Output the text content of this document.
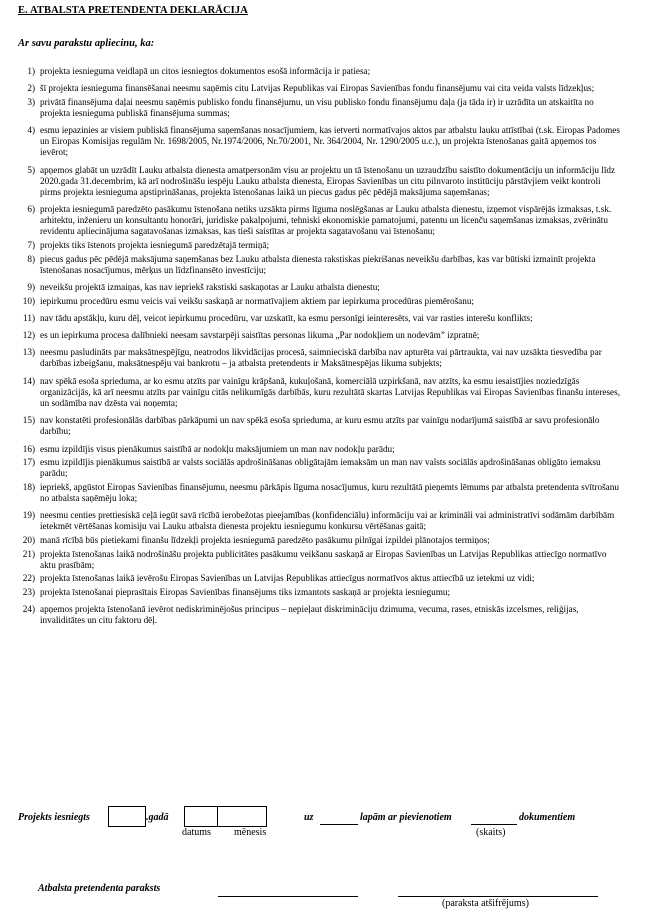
E. ATBALSTA PRETENDENTA DEKLARĀCIJA
Ar savu parakstu apliecinu, ka:
1) projekta iesnieguma veidlapā un citos iesniegtos dokumentos esošā informācija ir patiesa;
2) šī projekta iesnieguma finansēšanai neesmu saņēmis citu Latvijas Republikas vai Eiropas Savienības fondu finansējumu vai cita veida valsts līdzekļus;
3) privātā finansējuma daļai neesmu saņēmis publisko fondu finansējumu, un visu publisko fondu finansējumu daļa (ja tāda ir) ir uzrādīta un atskaitīta no projekta iesnieguma publiskā finansējuma summas;
4) esmu iepazinies ar visiem publiskā finansējuma saņemšanas nosacījumiem, kas ietverti normatīvajos aktos par atbalstu lauku attīstībai (t.sk. Eiropas Padomes un Eiropas Komisijas regulām Nr. 1698/2005, Nr.1974/2006, Nr.70/2001, Nr. 364/2004, Nr. 1290/2005 u.c.), un projekta īstenošanas gaitā apņemos tos ievērot;
5) apņemos glabāt un uzrādīt Lauku atbalsta dienesta amatpersonām visu ar projektu un tā īstenošanu un uzraudzību saistīto dokumentāciju un informāciju līdz 2020.gada 31.decembrim, kā arī nodrošināšu iespēju Lauku atbalsta dienesta, Eiropas Savienības un citu pilnvaroto institūciju pārstāvjiem veikt kontroli pirms projekta iesnieguma apstiprināšanas, projekta īstenošanas laikā un piecus gadus pēc pēdējā maksājuma saņemšanas;
6) projekta iesniegumā paredzēto pasākumu īstenošana netiks uzsākta pirms līguma noslēgšanas ar Lauku atbalsta dienestu, izņemot vispārējās izmaksas, t.sk. arhitektu, inženieru un konsultantu honorāri, juridiske pakalpojumi, tehniski ekonomiskie pamatojumi, patentu un licenču saņemšanas izmaksas, zvērinātu revidentu apliecinājuma sagatavošanas izmaksas, kas tieši saistītas ar projekta sagatavošanu vai īstenošanu;
7) projekts tiks īstenots projekta iesniegumā paredzētajā termiņā;
8) piecus gadus pēc pēdējā maksājuma saņemšanas bez Lauku atbalsta dienesta rakstiskas piekrišanas neveikšu darbības, kas var būtiski izmainīt projekta īstenošanas nosacījumus, mērķus un līdzfinansēto investīciju;
9) neveikšu projektā izmaiņas, kas nav iepriekš rakstiski saskaņotas ar Lauku atbalsta dienestu;
10) iepirkumu procedūru esmu veicis vai veikšu saskaņā ar normatīvajiem aktiem par iepirkuma procedūras piemērošanu;
11) nav tādu apstākļu, kuru dēļ, veicot iepirkumu procedūru, var uzskatīt, ka esmu personīgi ieinteresēts, vai var rasties interešu konflikts;
12) es un iepirkuma procesa dalībnieki neesam savstarpēji saistītas personas likuma „Par nodokļiem un nodevām” izpratnē;
13) neesmu pasludināts par maksātnespējīgu, neatrodos likvidācijas procesā, saimnieciskā darbība nav apturēta vai pārtraukta, vai nav uzsākta tiesvedība par darbības izbeigšanu, maksātnespēju vai bankrotu – ja atbalsta pretendents ir Maksātnespējas likuma subjekts;
14) nav spēkā esoša sprieduma, ar ko esmu atzīts par vainīgu krāpšanā, kukuļošanā, komerciālā uzpirkšanā, nav atzīts, ka esmu iesaistījies noziedzīgās organizācijās, kā arī neesmu atzīts par vainīgu citās nelikumīgās darbībās, kuru rezultātā skartas Latvijas Republikas vai Eiropas Savienības finanšu intereses, un sodāmība nav dzēsta vai noņemta;
15) nav konstatēti profesionālās darbības pārkāpumi un nav spēkā esoša sprieduma, ar kuru esmu atzīts par vainīgu nodarījumā saistībā ar savu profesionālo darbību;
16) esmu izpildījis visus pienākumus saistībā ar nodokļu maksājumiem un man nav nodokļu parādu;
17) esmu izpildījis pienākumus saistībā ar valsts sociālās apdrošināšanas obligātajām iemaksām un man nav valsts sociālās apdrošināšanas obligāto iemaksu parādu;
18) iepriekš, apgūstot Eiropas Savienības finansējumu, neesmu pārkāpis līguma nosacījumus, kuru rezultātā pieņemts lēmums par atbalsta pretendenta svītrošanu no atbalsta saņēmēju loka;
19) neesmu centies prettiesiskā ceļā iegūt savā rīcībā ierobežotas pieejamības (konfidenciālu) informāciju vai ar krimināli vai administratīvi sodāmām darbībām ietekmēt vērtēšanas komisiju vai Lauku atbalsta dienesta projektu iesniegumu konkursu vērtēšanas gaitā;
20) manā rīcībā būs pietiekami finanšu līdzekļi projekta iesniegumā paredzēto pasākumu pilnīgai izpildei plānotajos termiņos;
21) projekta īstenošanas laikā nodrošināšu projekta publicitātes pasākumu veikšanu saskaņā ar Eiropas Savienības un Latvijas Republikas attiecīgo normatīvo aktu prasībām;
22) projekta īstenošanas laikā ievērošu Eiropas Savienības un Latvijas Republikas attiecīgus normatīvos aktus attiecībā uz ietekmi uz vidi;
23) projekta īstenošanai pieprasītais Eiropas Savienības finansējums tiks izmantots saskaņā ar projekta iesniegumu;
24) apņemos projekta īstenošanā ievērot nediskriminējošus principus – nepieļaut diskrimināciju dzimuma, vecuma, rases, etniskās izcelsmes, reliģijas, invaliditātes un citu faktoru dēļ.
Projekts iesniegts	.gadā
datums mēnesis
uz	lapām ar pievienotiem	dokumentiem
(skaits)
Atbalsta pretendenta paraksts
(paraksta atšifrējums)
